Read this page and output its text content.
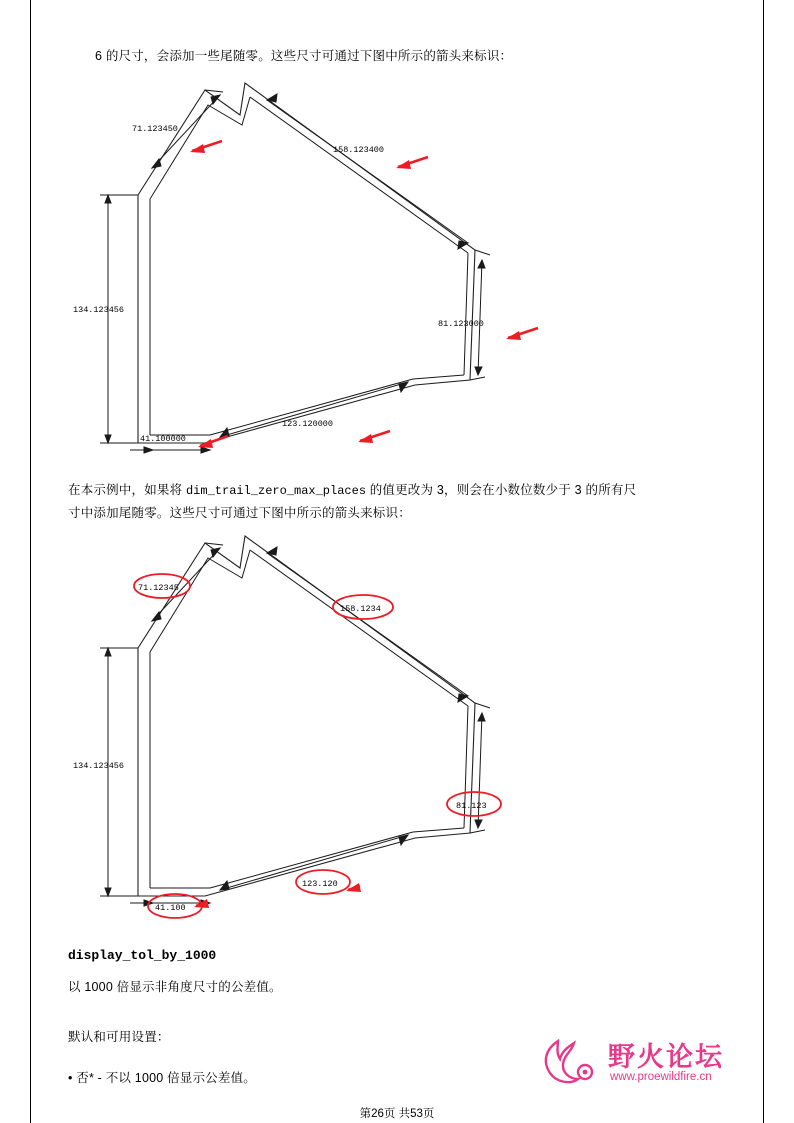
6 的尺寸，会添加一些尾随零。这些尺寸可通过下图中所示的箭头来标识：
71.123450
158.123400
134.123456
81.123000
123.120000
41.100000
在本示例中，如果将 dim_trail_zero_max_places 的值更改为 3，则会在小数位数少于 3 的所有尺
寸中添加尾随零。这些尺寸可通过下图中所示的箭头来标识：
71.12345
158.1234
134.123456
81.123
123.120
41.100
display_tol_by_1000
以 1000 倍显示非角度尺寸的公差值。
默认和可用设置：
• 否* - 不以 1000 倍显示公差值。
野火论坛
www.proewildfire.cn
第26页 共53页
